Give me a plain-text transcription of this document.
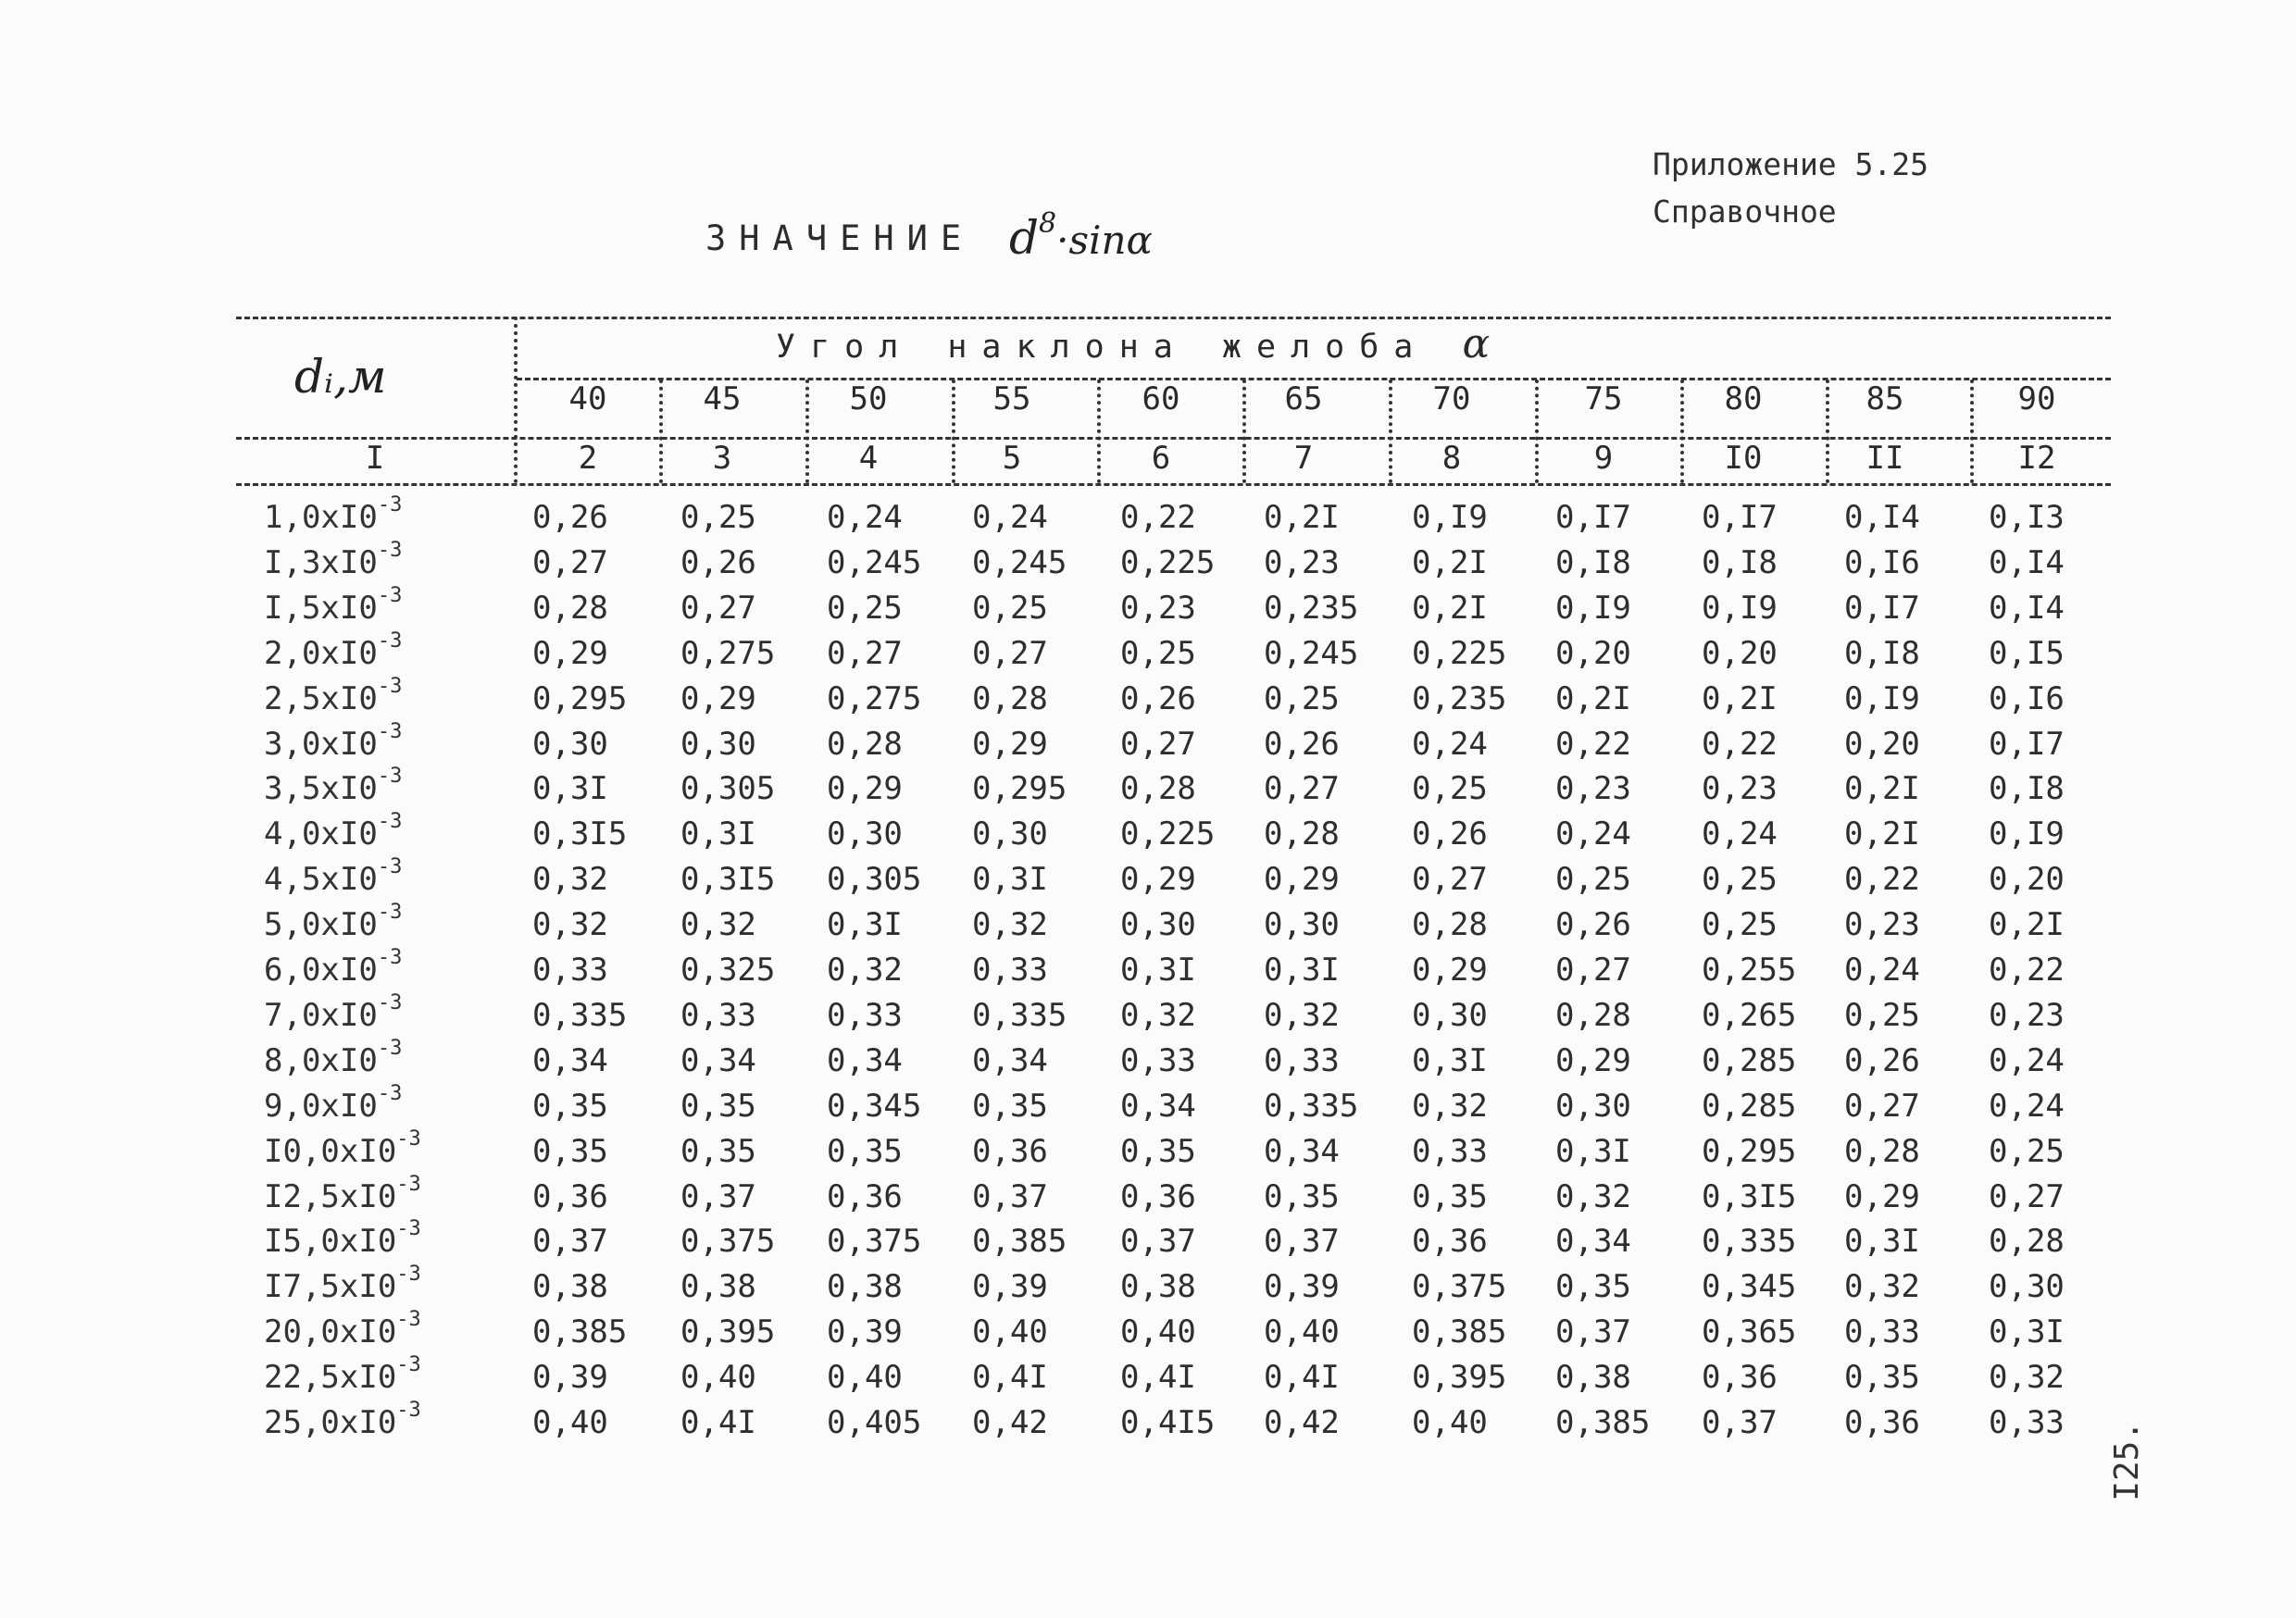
Приложение 5.25
Справочное
ЗНАЧЕНИЕ $d^8\cdot\sin\alpha$
dᵢ,м
Угол наклона желоба α
40	45	50	55	60	65	70	75	80	85	90
I	2	3	4	5	6	7	8	9	I0	II	I2
$1,0xI0^{-3}$	0,26 0,25 0,24 0,24 0,22 0,2I 0,I9 0,I7 0,I7 0,I4 0,I3
$I,3xI0^{-3}$	0,27 0,26 0,245 0,245 0,225 0,23 0,2I 0,I8 0,I8 0,I6 0,I4
$I,5xI0^{-3}$	0,28 0,27 0,25 0,25 0,23 0,235 0,2I 0,I9 0,I9 0,I7 0,I4
$2,0xI0^{-3}$	0,29 0,275 0,27 0,27 0,25 0,245 0,225 0,20 0,20 0,I8 0,I5
$2,5xI0^{-3}$	0,295 0,29 0,275 0,28 0,26 0,25 0,235 0,2I 0,2I 0,I9 0,I6
$3,0xI0^{-3}$	0,30 0,30 0,28 0,29 0,27 0,26 0,24 0,22 0,22 0,20 0,I7
$3,5xI0^{-3}$	0,3I 0,305 0,29 0,295 0,28 0,27 0,25 0,23 0,23 0,2I 0,I8
$4,0xI0^{-3}$	0,3I5 0,3I 0,30 0,30 0,225 0,28 0,26 0,24 0,24 0,2I 0,I9
$4,5xI0^{-3}$	0,32 0,3I5 0,305 0,3I 0,29 0,29 0,27 0,25 0,25 0,22 0,20
$5,0xI0^{-3}$	0,32 0,32 0,3I 0,32 0,30 0,30 0,28 0,26 0,25 0,23 0,2I
$6,0xI0^{-3}$	0,33 0,325 0,32 0,33 0,3I 0,3I 0,29 0,27 0,255 0,24 0,22
$7,0xI0^{-3}$	0,335 0,33 0,33 0,335 0,32 0,32 0,30 0,28 0,265 0,25 0,23
$8,0xI0^{-3}$	0,34 0,34 0,34 0,34 0,33 0,33 0,3I 0,29 0,285 0,26 0,24
$9,0xI0^{-3}$	0,35 0,35 0,345 0,35 0,34 0,335 0,32 0,30 0,285 0,27 0,24
$I0,0xI0^{-3}$	0,35 0,35 0,35 0,36 0,35 0,34 0,33 0,3I 0,295 0,28 0,25
$I2,5xI0^{-3}$	0,36 0,37 0,36 0,37 0,36 0,35 0,35 0,32 0,3I5 0,29 0,27
$I5,0xI0^{-3}$	0,37 0,375 0,375 0,385 0,37 0,37 0,36 0,34 0,335 0,3I 0,28
$I7,5xI0^{-3}$	0,38 0,38 0,38 0,39 0,38 0,39 0,375 0,35 0,345 0,32 0,30
$20,0xI0^{-3}$	0,385 0,395 0,39 0,40 0,40 0,40 0,385 0,37 0,365 0,33 0,3I
$22,5xI0^{-3}$	0,39 0,40 0,40 0,4I 0,4I 0,4I 0,395 0,38 0,36 0,35 0,32
$25,0xI0^{-3}$	0,40 0,4I 0,405 0,42 0,4I5 0,42 0,40 0,385 0,37 0,36 0,33 I25.
